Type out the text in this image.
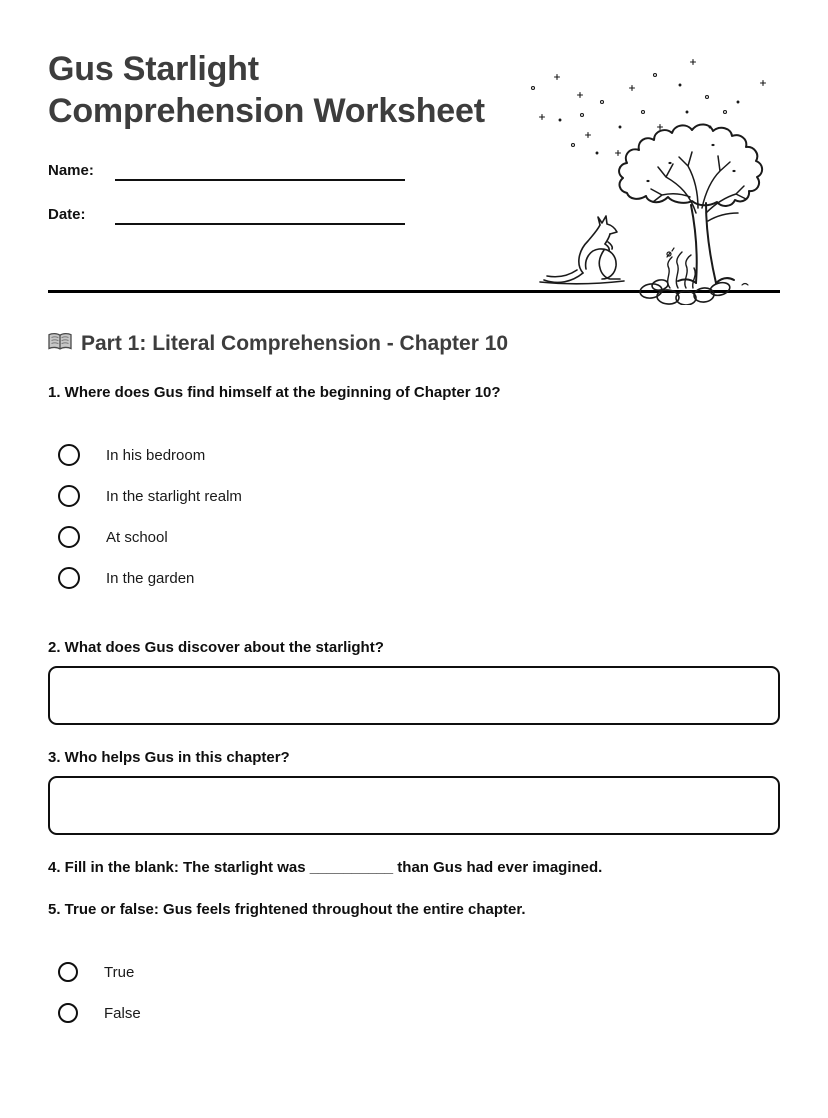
Gus Starlight Comprehension Worksheet
Name:
Date:
Part 1: Literal Comprehension - Chapter 10

1. Where does Gus find himself at the beginning of Chapter 10?

In his bedroom
In the starlight realm
At school
In the garden

2. What does Gus discover about the starlight?

3. Who helps Gus in this chapter?

4. Fill in the blank: The starlight was __________ than Gus had ever imagined.

5. True or false: Gus feels frightened throughout the entire chapter.

True
False
